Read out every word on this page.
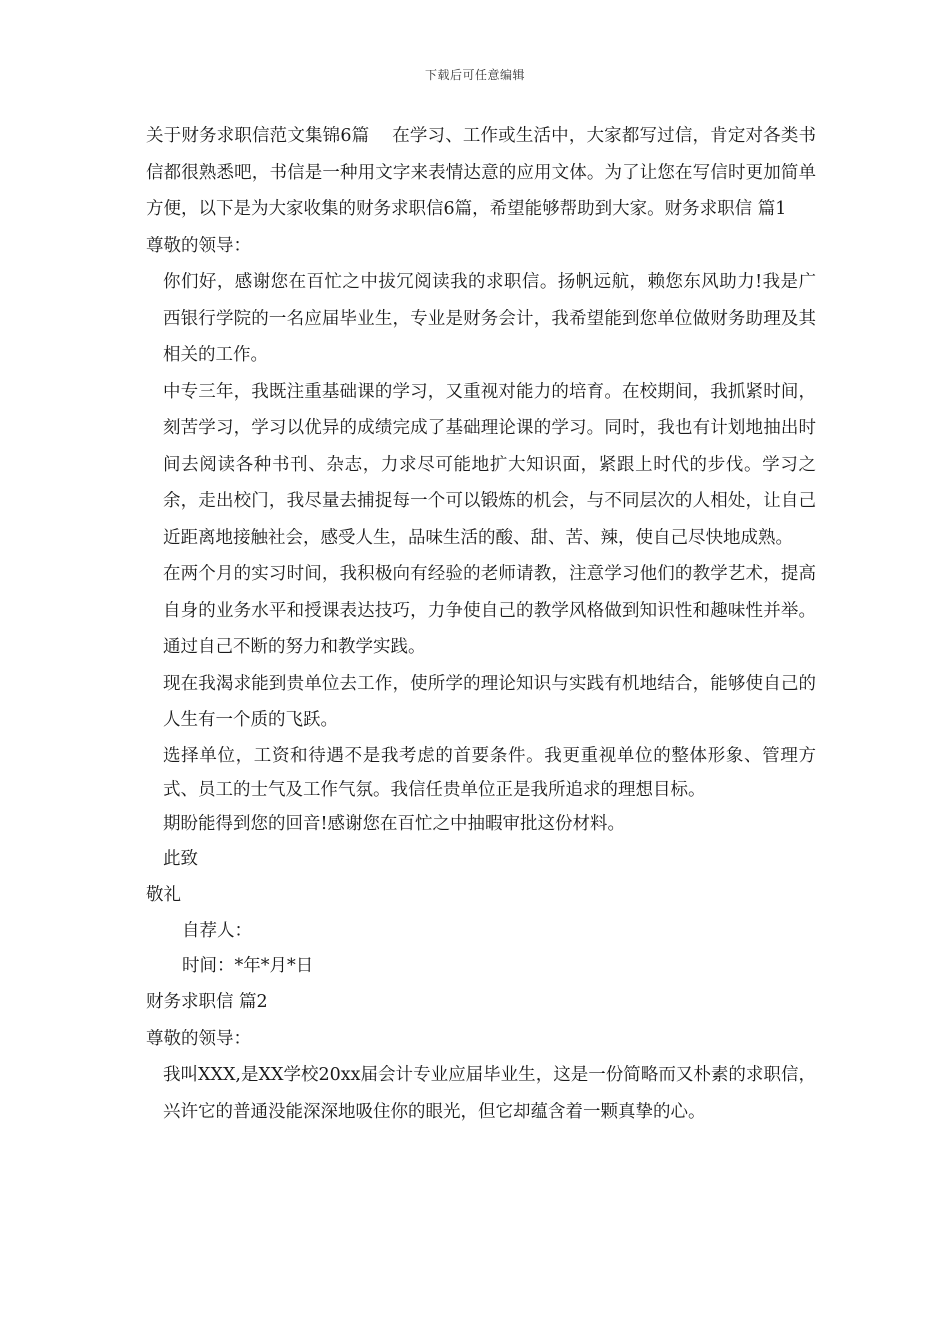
下载后可任意编辑

关于财务求职信范文集锦6篇    在学习、工作或生活中，大家都写过信，肯定对各类书信都很熟悉吧，书信是一种用文字来表情达意的应用文体。为了让您在写信时更加简单方便，以下是为大家收集的财务求职信6篇，希望能够帮助到大家。财务求职信 篇1

尊敬的领导：

你们好，感谢您在百忙之中拔冗阅读我的求职信。扬帆远航，赖您东风助力!我是广西银行学院的一名应届毕业生，专业是财务会计，我希望能到您单位做财务助理及其相关的工作。

中专三年，我既注重基础课的学习，又重视对能力的培育。在校期间，我抓紧时间，刻苦学习，学习以优异的成绩完成了基础理论课的学习。同时，我也有计划地抽出时间去阅读各种书刊、杂志，力求尽可能地扩大知识面，紧跟上时代的步伐。学习之余，走出校门，我尽量去捕捉每一个可以锻炼的机会，与不同层次的人相处，让自己近距离地接触社会，感受人生，品味生活的酸、甜、苦、辣，使自己尽快地成熟。

在两个月的实习时间，我积极向有经验的老师请教，注意学习他们的教学艺术，提高自身的业务水平和授课表达技巧，力争使自己的教学风格做到知识性和趣味性并举。通过自己不断的努力和教学实践。

现在我渴求能到贵单位去工作，使所学的理论知识与实践有机地结合，能够使自己的人生有一个质的飞跃。

选择单位，工资和待遇不是我考虑的首要条件。我更重视单位的整体形象、管理方式、员工的士气及工作气氛。我信任贵单位正是我所追求的理想目标。

期盼能得到您的回音!感谢您在百忙之中抽暇审批这份材料。

此致

敬礼

自荐人：

时间：*年*月*日

财务求职信 篇2

尊敬的领导：

我叫XXX,是XX学校20xx届会计专业应届毕业生，这是一份简略而又朴素的求职信，兴许它的普通没能深深地吸住你的眼光，但它却蕴含着一颗真挚的心。
